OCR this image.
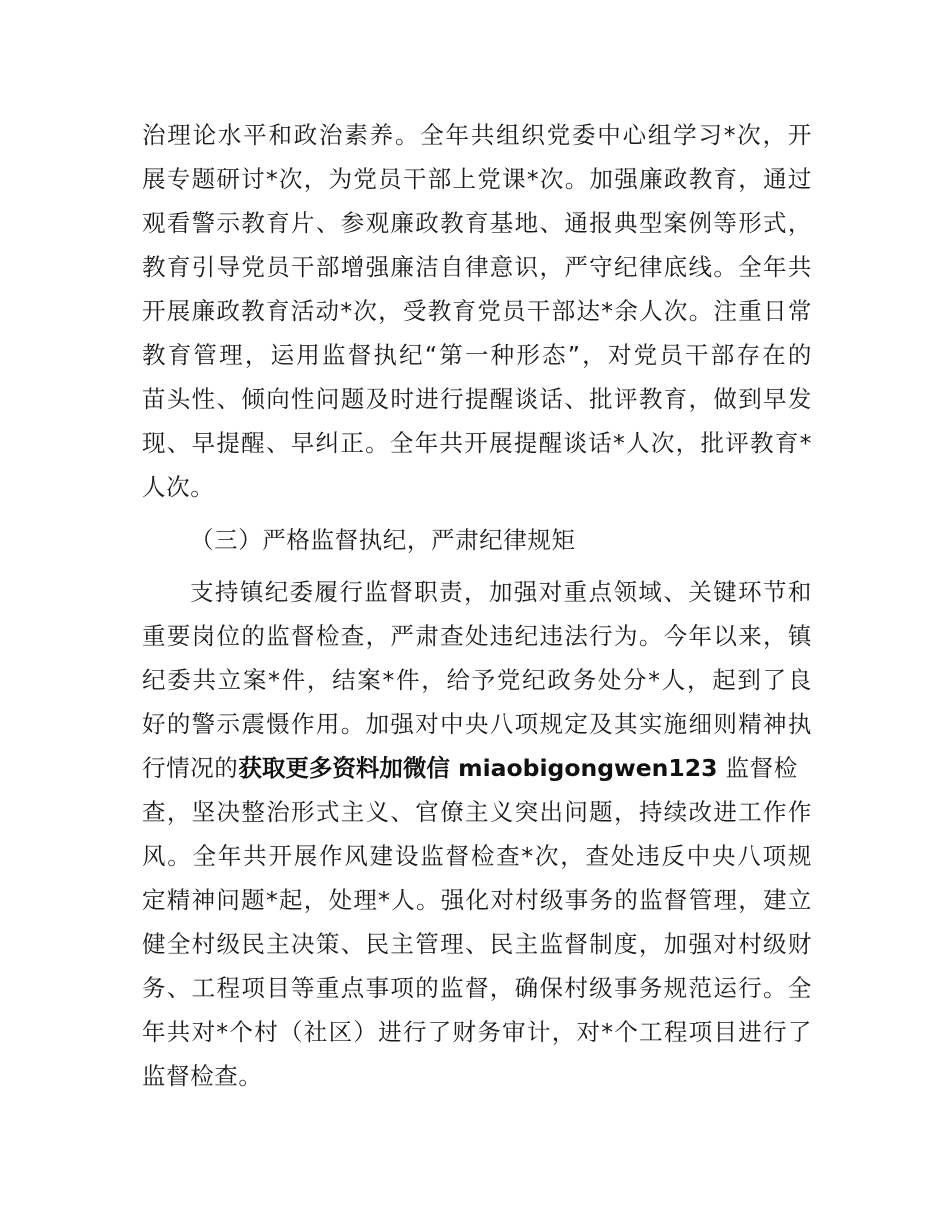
治理论水平和政治素养。全年共组织党委中心组学习*次，开
展专题研讨*次，为党员干部上党课*次。加强廉政教育，通过
观看警示教育片、参观廉政教育基地、通报典型案例等形式，
教育引导党员干部增强廉洁自律意识，严守纪律底线。全年共
开展廉政教育活动*次，受教育党员干部达*余人次。注重日常
教育管理，运用监督执纪“第一种形态”，对党员干部存在的
苗头性、倾向性问题及时进行提醒谈话、批评教育，做到早发
现、早提醒、早纠正。全年共开展提醒谈话*人次，批评教育*
人次。
（三）严格监督执纪，严肃纪律规矩
支持镇纪委履行监督职责，加强对重点领域、关键环节和
重要岗位的监督检查，严肃查处违纪违法行为。今年以来，镇
纪委共立案*件，结案*件，给予党纪政务处分*人，起到了良
好的警示震慑作用。加强对中央八项规定及其实施细则精神执
行情况的获取更多资料加微信 miaobigongwen123 监督检
查，坚决整治形式主义、官僚主义突出问题，持续改进工作作
风。全年共开展作风建设监督检查*次，查处违反中央八项规
定精神问题*起，处理*人。强化对村级事务的监督管理，建立
健全村级民主决策、民主管理、民主监督制度，加强对村级财
务、工程项目等重点事项的监督，确保村级事务规范运行。全
年共对*个村（社区）进行了财务审计，对*个工程项目进行了
监督检查。
